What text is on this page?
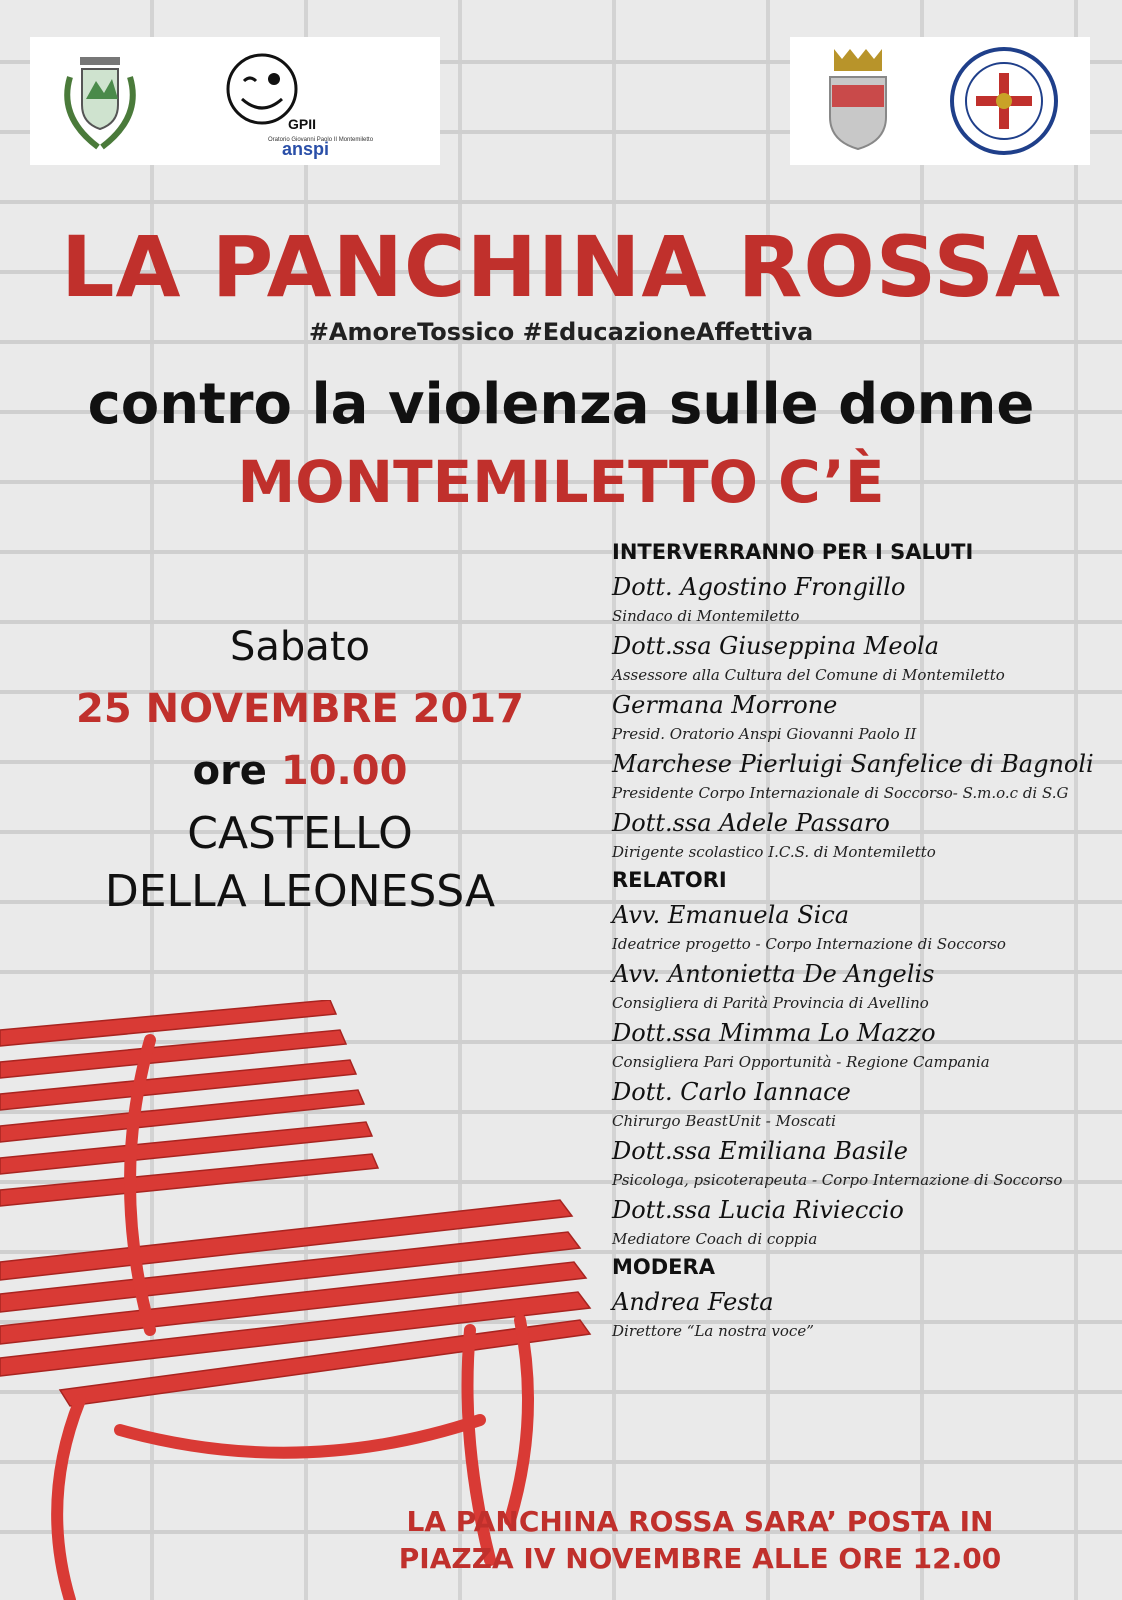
GPII
Oratorio Giovanni Paolo II Montemiletto
anspi
LA PANCHINA ROSSA
#AmoreTossico #EducazioneAffettiva
contro la violenza sulle donne
MONTEMILETTO C’È
Sabato
25 NOVEMBRE 2017
ore 10.00
CASTELLO
DELLA LEONESSA
INTERVERRANNO PER I SALUTI
Dott. Agostino Frongillo
Sindaco di Montemiletto
Dott.ssa Giuseppina Meola
Assessore alla Cultura del Comune di Montemiletto
Germana Morrone
Presid. Oratorio Anspi Giovanni Paolo II
Marchese Pierluigi Sanfelice di Bagnoli
Presidente Corpo Internazionale di Soccorso- S.m.o.c di S.G
Dott.ssa Adele Passaro
Dirigente scolastico I.C.S. di Montemiletto
RELATORI
Avv. Emanuela Sica
Ideatrice progetto - Corpo Internazione di Soccorso
Avv. Antonietta De Angelis
Consigliera di Parità Provincia di Avellino
Dott.ssa Mimma Lo Mazzo
Consigliera Pari Opportunità - Regione Campania
Dott. Carlo Iannace
Chirurgo BeastUnit - Moscati
Dott.ssa Emiliana Basile
Psicologa, psicoterapeuta - Corpo Internazione di Soccorso
Dott.ssa Lucia Rivieccio
Mediatore Coach di coppia
MODERA
Andrea Festa
Direttore “La nostra voce”
LA PANCHINA ROSSA SARA’ POSTA IN
PIAZZA IV NOVEMBRE ALLE ORE 12.00
